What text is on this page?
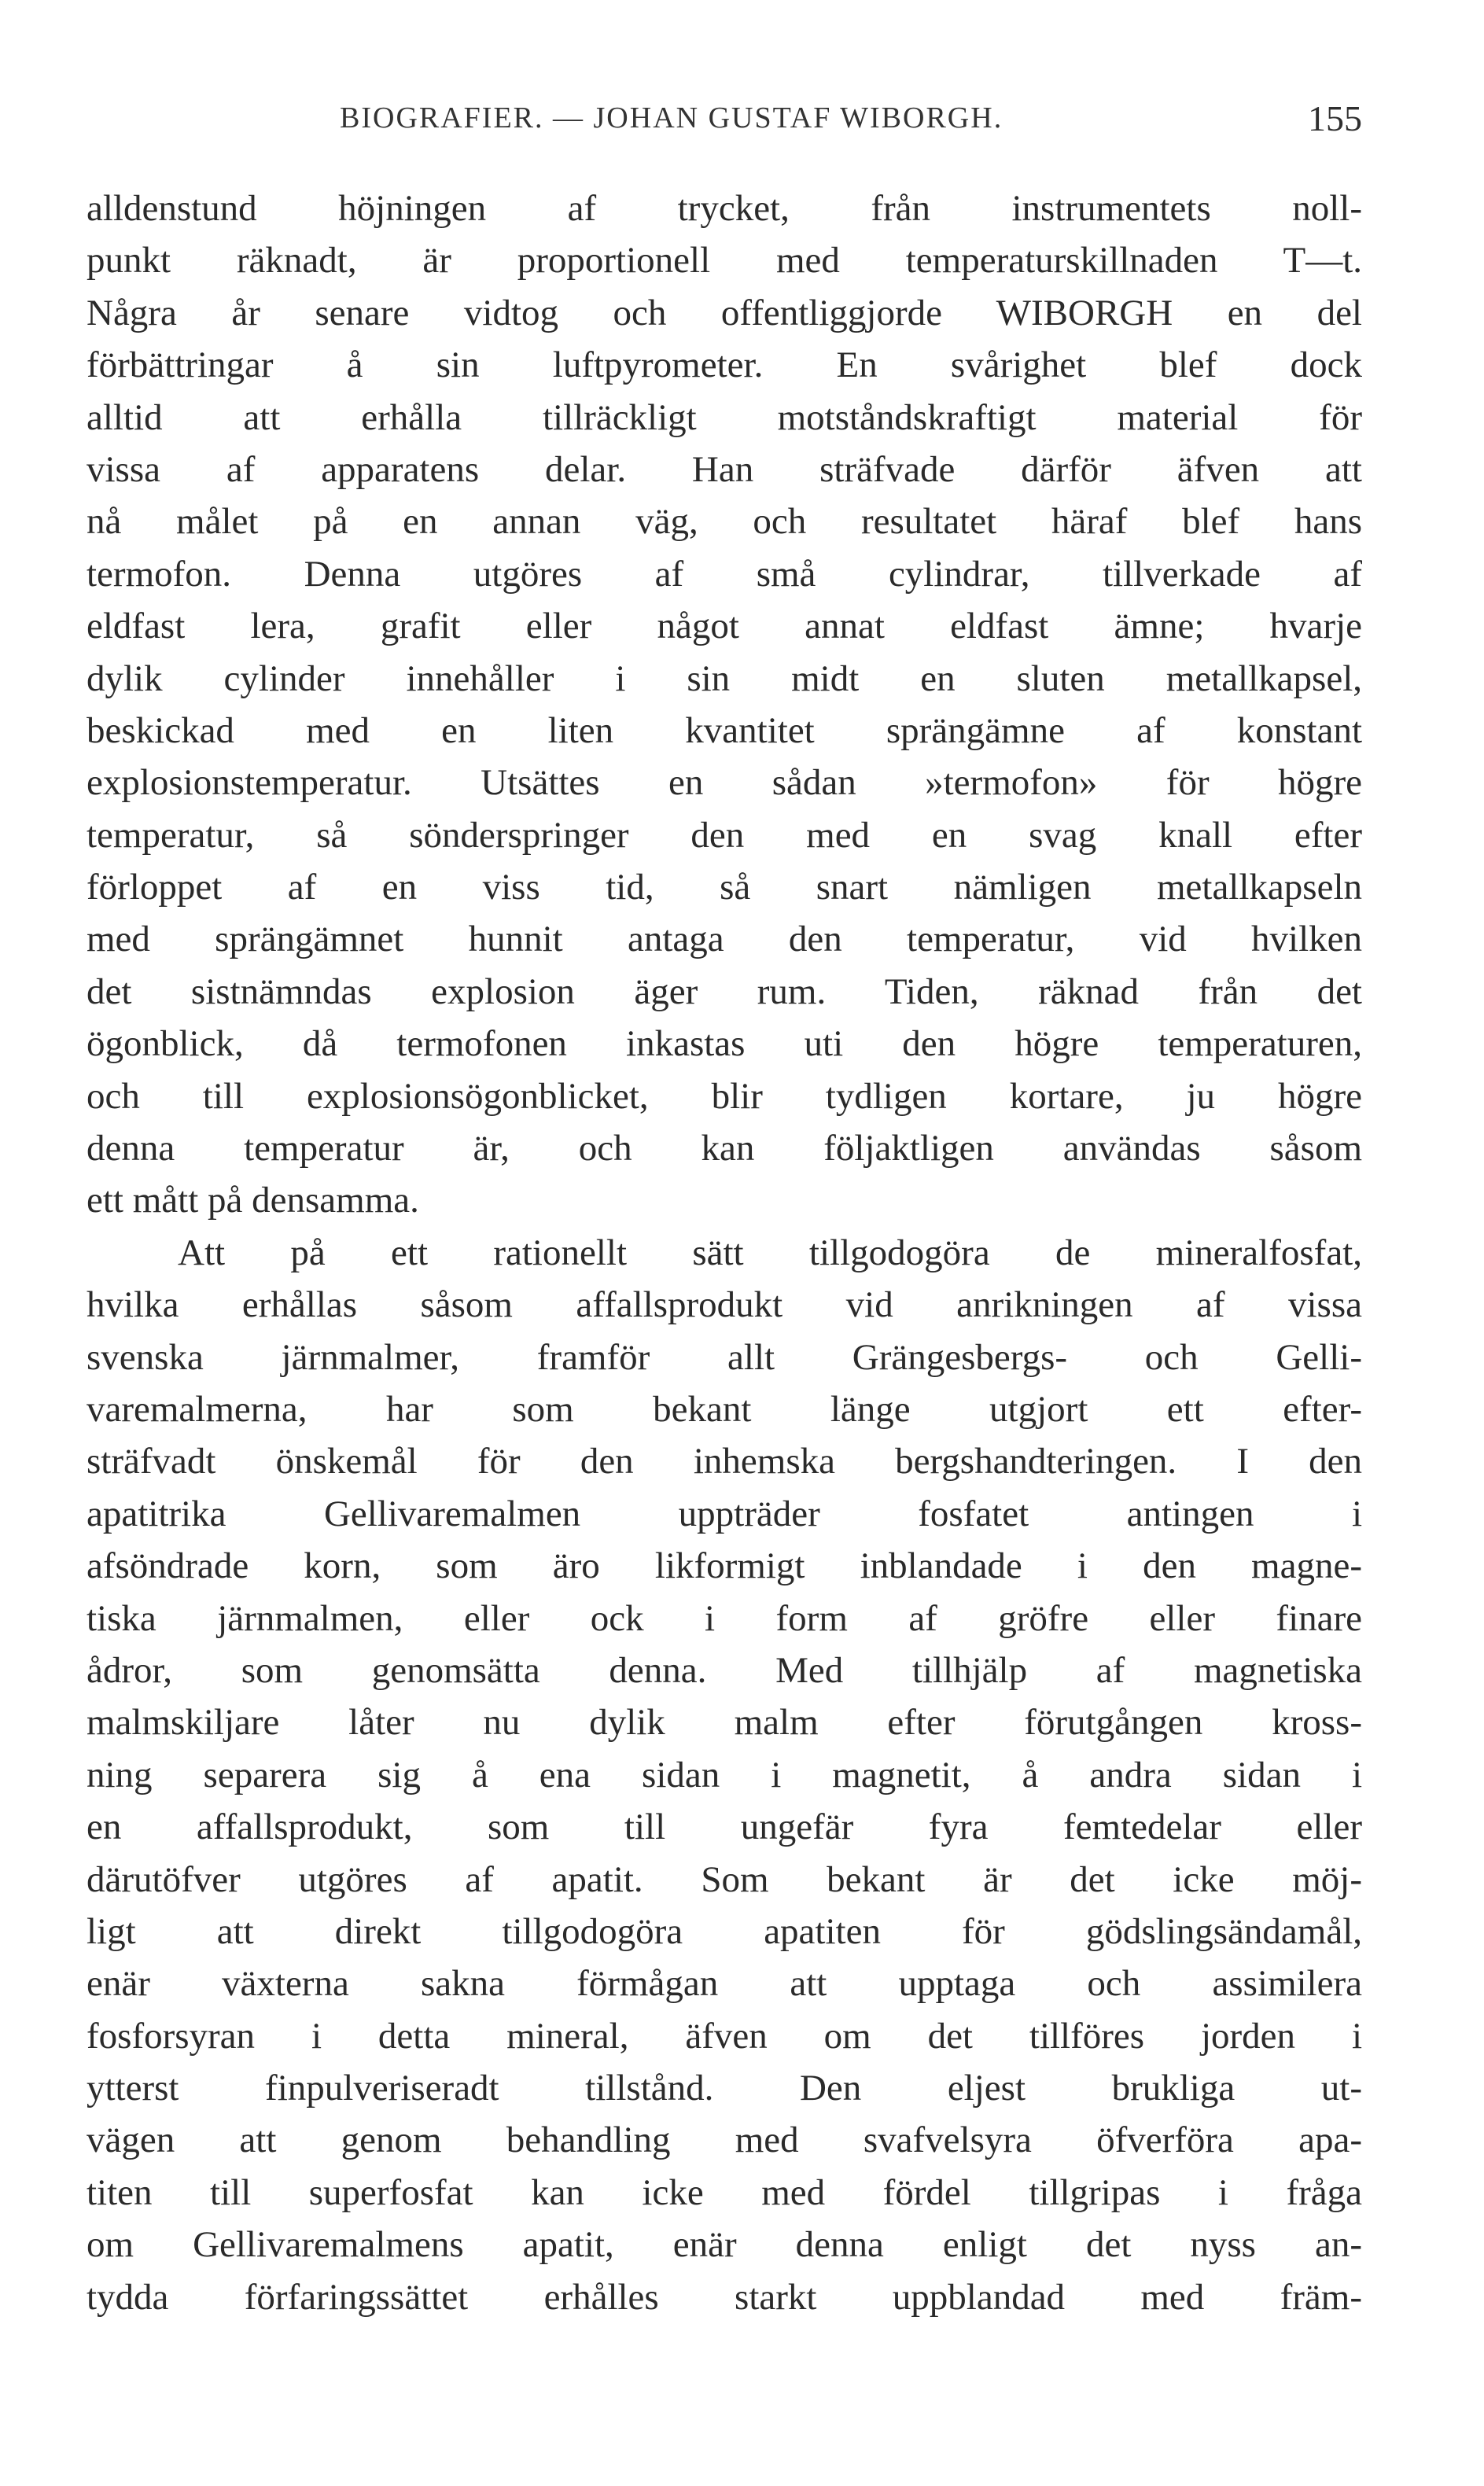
BIOGRAFIER. — JOHAN GUSTAF WIBORGH.	155
alldenstund höjningen af trycket, från instrumentets noll-
punkt räknadt, är proportionell med temperaturskillnaden T—t.
Några år senare vidtog och offentliggjorde WIBORGH en del
förbättringar å sin luftpyrometer. En svårighet blef dock
alltid att erhålla tillräckligt motståndskraftigt material för
vissa af apparatens delar. Han sträfvade därför äfven att
nå målet på en annan väg, och resultatet häraf blef hans
termofon. Denna utgöres af små cylindrar, tillverkade af
eldfast lera, grafit eller något annat eldfast ämne; hvarje
dylik cylinder innehåller i sin midt en sluten metallkapsel,
beskickad med en liten kvantitet sprängämne af konstant
explosionstemperatur. Utsättes en sådan »termofon» för högre
temperatur, så sönderspringer den med en svag knall efter
förloppet af en viss tid, så snart nämligen metallkapseln
med sprängämnet hunnit antaga den temperatur, vid hvilken
det sistnämndas explosion äger rum. Tiden, räknad från det
ögonblick, då termofonen inkastas uti den högre temperaturen,
och till explosionsögonblicket, blir tydligen kortare, ju högre
denna temperatur är, och kan följaktligen användas såsom
ett mått på densamma.
Att på ett rationellt sätt tillgodogöra de mineralfosfat,
hvilka erhållas såsom affallsprodukt vid anrikningen af vissa
svenska järnmalmer, framför allt Grängesbergs- och Gelli-
varemalmerna, har som bekant länge utgjort ett efter-
sträfvadt önskemål för den inhemska bergshandteringen. I den
apatitrika Gellivaremalmen uppträder fosfatet antingen i
afsöndrade korn, som äro likformigt inblandade i den magne-
tiska järnmalmen, eller ock i form af gröfre eller finare
ådror, som genomsätta denna. Med tillhjälp af magnetiska
malmskiljare låter nu dylik malm efter förutgången kross-
ning separera sig å ena sidan i magnetit, å andra sidan i
en affallsprodukt, som till ungefär fyra femtedelar eller
därutöfver utgöres af apatit. Som bekant är det icke möj-
ligt att direkt tillgodogöra apatiten för gödslingsändamål,
enär växterna sakna förmågan att upptaga och assimilera
fosforsyran i detta mineral, äfven om det tillföres jorden i
ytterst finpulveriseradt tillstånd. Den eljest brukliga ut-
vägen att genom behandling med svafvelsyra öfverföra apa-
titen till superfosfat kan icke med fördel tillgripas i fråga
om Gellivaremalmens apatit, enär denna enligt det nyss an-
tydda förfaringssättet erhålles starkt uppblandad med främ-
